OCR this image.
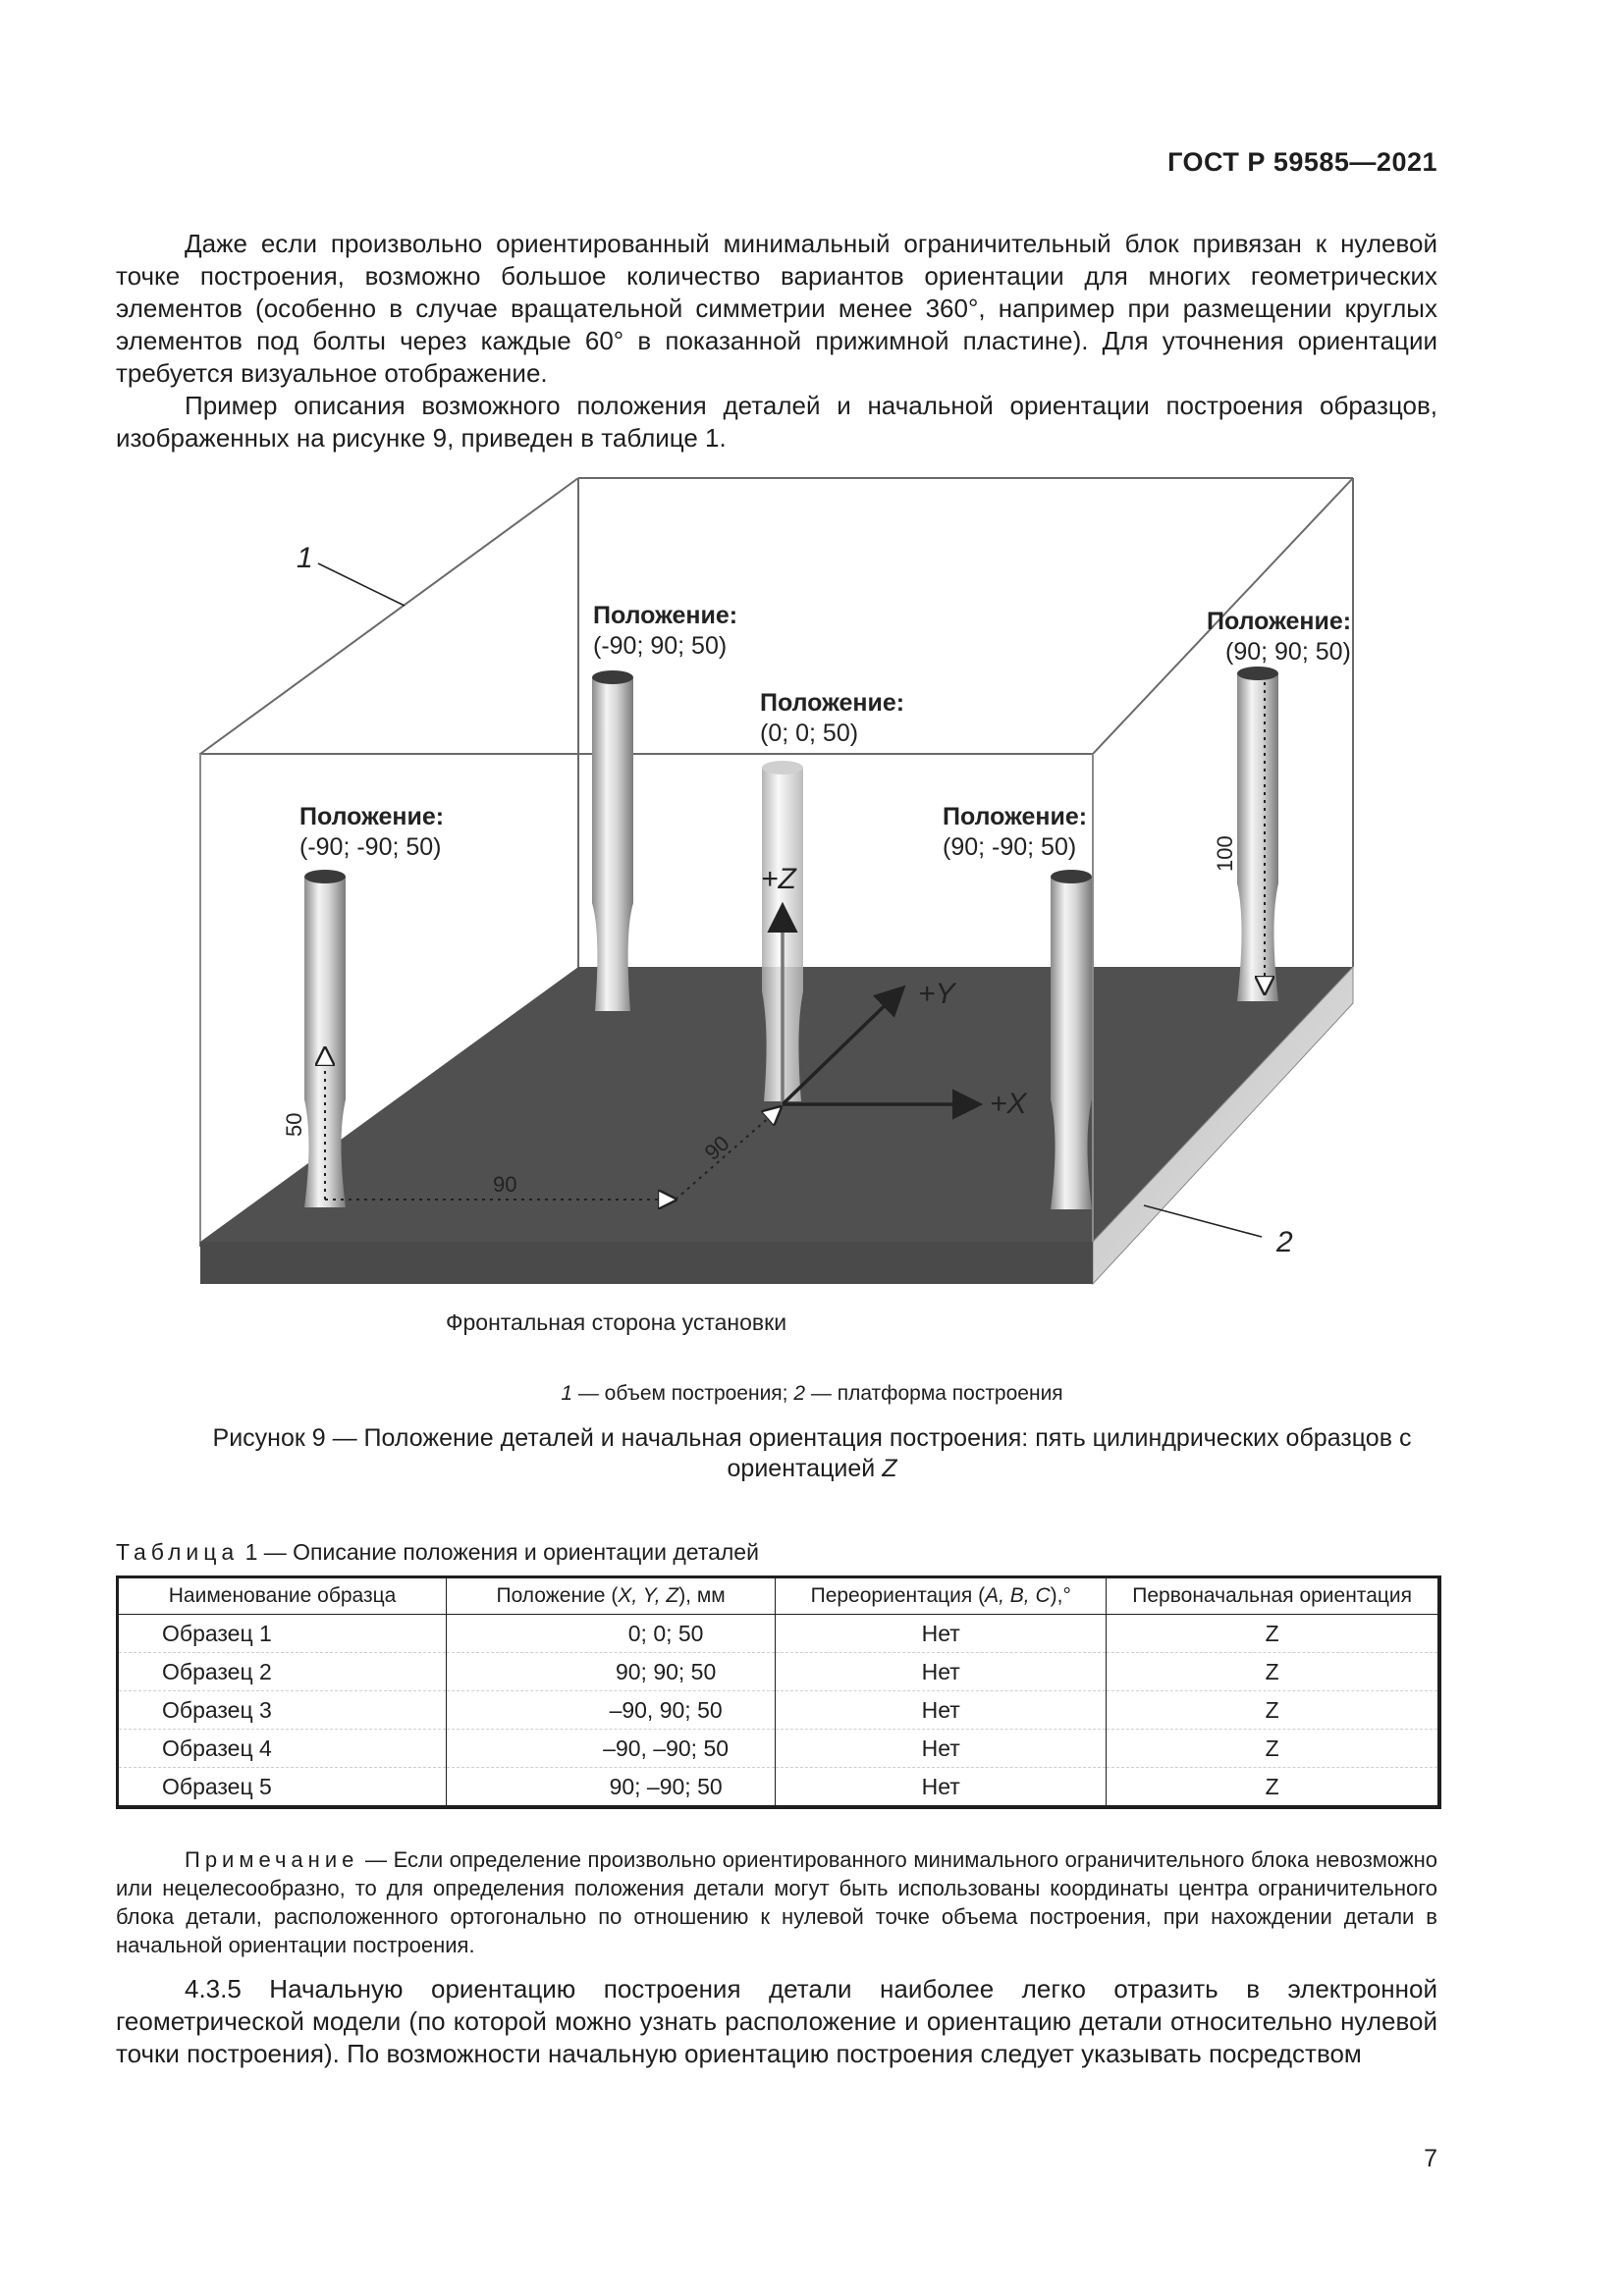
ГОСТ Р 59585—2021

Даже если произвольно ориентированный минимальный ограничительный блок привязан к нулевой точке построения, возможно большое количество вариантов ориентации для многих геометрических элементов (особенно в случае вращательной симметрии менее 360°, например при размещении круглых элементов под болты через каждые 60° в показанной прижимной пластине). Для уточнения ориентации требуется визуальное отображение.

Пример описания возможного положения деталей и начальной ориентации построения образцов, изображенных на рисунке 9, приведен в таблице 1.

1
2
Положение:
(-90; 90; 50)
Положение:
(90; 90; 50)
Положение:
(0; 0; 50)
Положение:
(-90; -90; 50)
Положение:
(90; -90; 50)
+Z
+Y
+X
50
100
90
90
Фронтальная сторона установки
1 — объем построения; 2 — платформа построения
Рисунок 9 — Положение деталей и начальная ориентация построения: пять цилиндрических образцов с ориентацией Z
Таблица 1 — Описание положения и ориентации деталей
Наименование образца	Положение (X, Y, Z), мм	Переориентация (A, B, C),°	Первоначальная ориентация
Образец 1	0; 0; 50	Нет	Z
Образец 2	90; 90; 50	Нет	Z
Образец 3	–90, 90; 50	Нет	Z
Образец 4	–90, –90; 50	Нет	Z
Образец 5	90; –90; 50	Нет	Z

Примечание — Если определение произвольно ориентированного минимального ограничительного блока невозможно или нецелесообразно, то для определения положения детали могут быть использованы координаты центра ограничительного блока детали, расположенного ортогонально по отношению к нулевой точке объема построения, при нахождении детали в начальной ориентации построения.

4.3.5 Начальную ориентацию построения детали наиболее легко отразить в электронной геометрической модели (по которой можно узнать расположение и ориентацию детали относительно нулевой точки построения). По возможности начальную ориентацию построения следует указывать посредством

7
